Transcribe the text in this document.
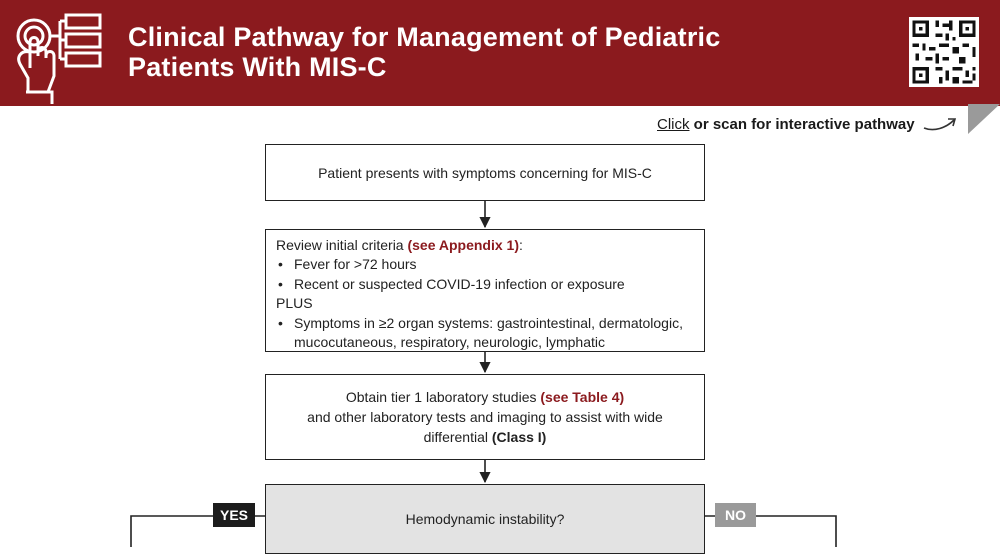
Clinical Pathway for Management of Pediatric
Patients With MIS-C
Click or scan for interactive pathway
Patient presents with symptoms concerning for MIS-C
Review initial criteria (see Appendix 1):
• Fever for >72 hours
• Recent or suspected COVID-19 infection or exposure
PLUS
• Symptoms in ≥2 organ systems: gastrointestinal, dermatologic, mucocutaneous, respiratory, neurologic, lymphatic
Obtain tier 1 laboratory studies (see Table 4)
and other laboratory tests and imaging to assist with wide differential (Class I)
Hemodynamic instability?
YES	NO
